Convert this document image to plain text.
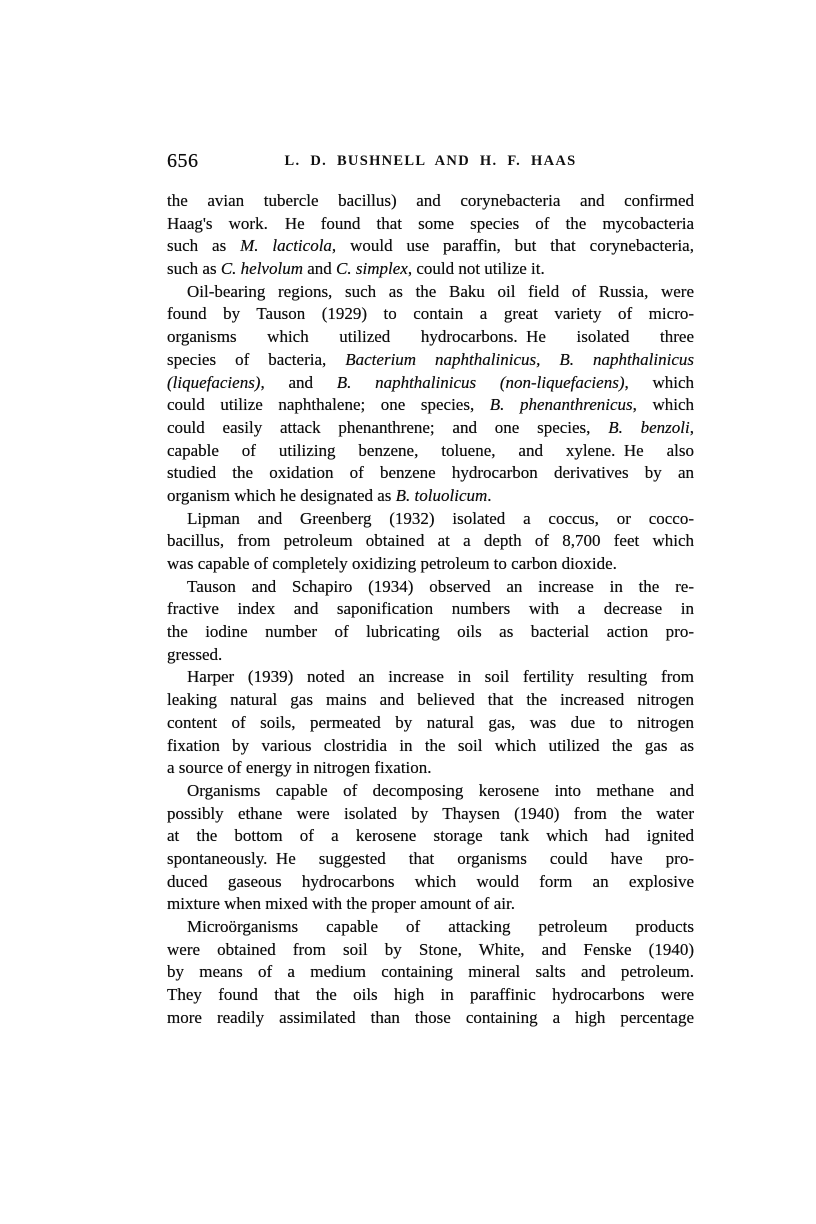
656	L. D. BUSHNELL AND H. F. HAAS
the avian tubercle bacillus) and corynebacteria and confirmed
Haag's work. He found that some species of the mycobacteria
such as M. lacticola, would use paraffin, but that corynebacteria,
such as C. helvolum and C. simplex, could not utilize it.
Oil-bearing regions, such as the Baku oil field of Russia, were
found by Tauson (1929) to contain a great variety of micro-
organisms which utilized hydrocarbons. He isolated three
species of bacteria, Bacterium naphthalinicus, B. naphthalinicus
(liquefaciens), and B. naphthalinicus (non-liquefaciens), which
could utilize naphthalene; one species, B. phenanthrenicus, which
could easily attack phenanthrene; and one species, B. benzoli,
capable of utilizing benzene, toluene, and xylene. He also
studied the oxidation of benzene hydrocarbon derivatives by an
organism which he designated as B. toluolicum.
Lipman and Greenberg (1932) isolated a coccus, or cocco-
bacillus, from petroleum obtained at a depth of 8,700 feet which
was capable of completely oxidizing petroleum to carbon dioxide.
Tauson and Schapiro (1934) observed an increase in the re-
fractive index and saponification numbers with a decrease in
the iodine number of lubricating oils as bacterial action pro-
gressed.
Harper (1939) noted an increase in soil fertility resulting from
leaking natural gas mains and believed that the increased nitrogen
content of soils, permeated by natural gas, was due to nitrogen
fixation by various clostridia in the soil which utilized the gas as
a source of energy in nitrogen fixation.
Organisms capable of decomposing kerosene into methane and
possibly ethane were isolated by Thaysen (1940) from the water
at the bottom of a kerosene storage tank which had ignited
spontaneously. He suggested that organisms could have pro-
duced gaseous hydrocarbons which would form an explosive
mixture when mixed with the proper amount of air.
Microörganisms capable of attacking petroleum products
were obtained from soil by Stone, White, and Fenske (1940)
by means of a medium containing mineral salts and petroleum.
They found that the oils high in paraffinic hydrocarbons were
more readily assimilated than those containing a high percentage
